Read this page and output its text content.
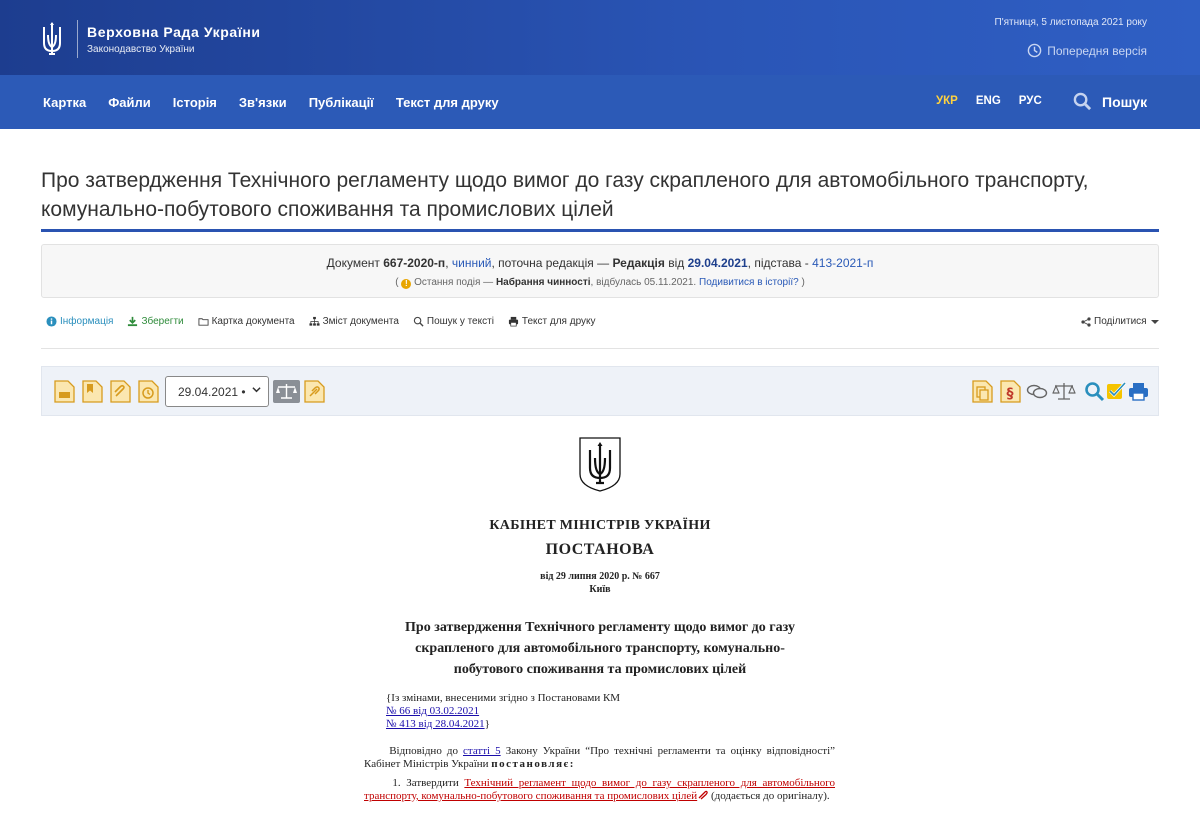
Верховна Рада України
Законодавство України
П'ятниця, 5 листопада 2021 року
Попередня версія
Картка Файли Історія Зв'язки Публікації Текст для друку	УКР ENG РУС	Пошук
Про затвердження Технічного регламенту щодо вимог до газу скрапленого для автомобільного транспорту,
комунально-побутового споживання та промислових цілей
Документ 667-2020-п, чинний, поточна редакція — Редакція від 29.04.2021, підстава - 413-2021-п
( ! Остання подія — Набрання чинності, відбулась 05.11.2021. Подивитися в історії? )
Інформація	Зберегти	Картка документа	Зміст документа	Пошук у тексті	Текст для друку	Поділитися
29.04.2021 •	§
КАБІНЕТ МІНІСТРІВ УКРАЇНИ
ПОСТАНОВА
від 29 липня 2020 р. № 667
Київ
Про затвердження Технічного регламенту щодо вимог до газу
скрапленого для автомобільного транспорту, комунально-
побутового споживання та промислових цілей
{Із змінами, внесеними згідно з Постановами КМ
№ 66 від 03.02.2021
№ 413 від 28.04.2021}
Відповідно до статті 5 Закону України “Про технічні регламенти та оцінку відповідності” Кабінет Міністрів України постановляє:
1. Затвердити Технічний регламент щодо вимог до газу скрапленого для автомобільного транспорту, комунально-побутового споживання та промислових цілей (додається до оригіналу).
